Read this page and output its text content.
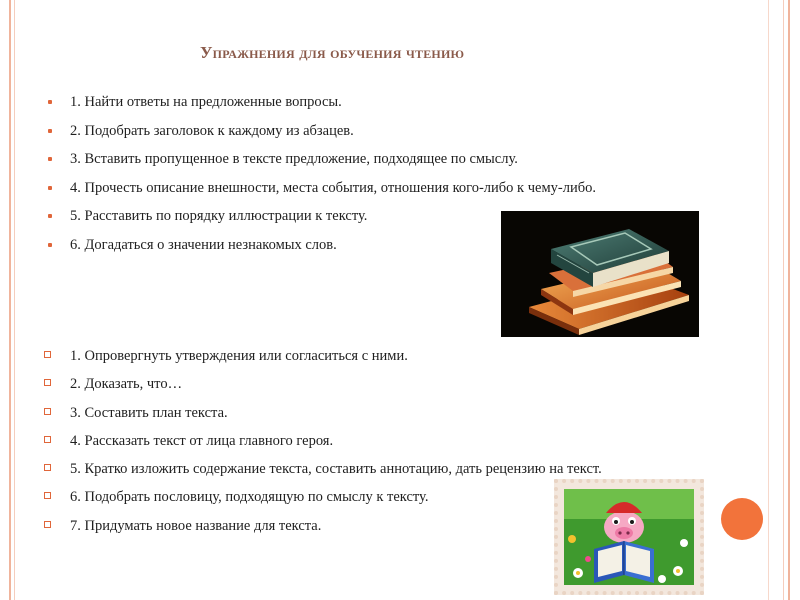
Упражнения для обучения чтению
1. Найти ответы на предложенные вопросы.
2. Подобрать заголовок к каждому из абзацев.
3. Вставить пропущенное в тексте предложение, подходящее по смыслу.
4. Прочесть описание внешности, места события, отношения кого-либо к чему-либо.
5. Расставить по порядку иллюстрации к тексту.
6. Догадаться о значении незнакомых слов.
1. Опровергнуть утверждения или согласиться с ними.
2. Доказать, что…
3. Составить план текста.
4. Рассказать текст от лица главного героя.
5. Кратко изложить содержание текста, составить аннотацию, дать рецензию на текст.
6. Подобрать пословицу, подходящую по смыслу к тексту.
7. Придумать новое название для текста.
